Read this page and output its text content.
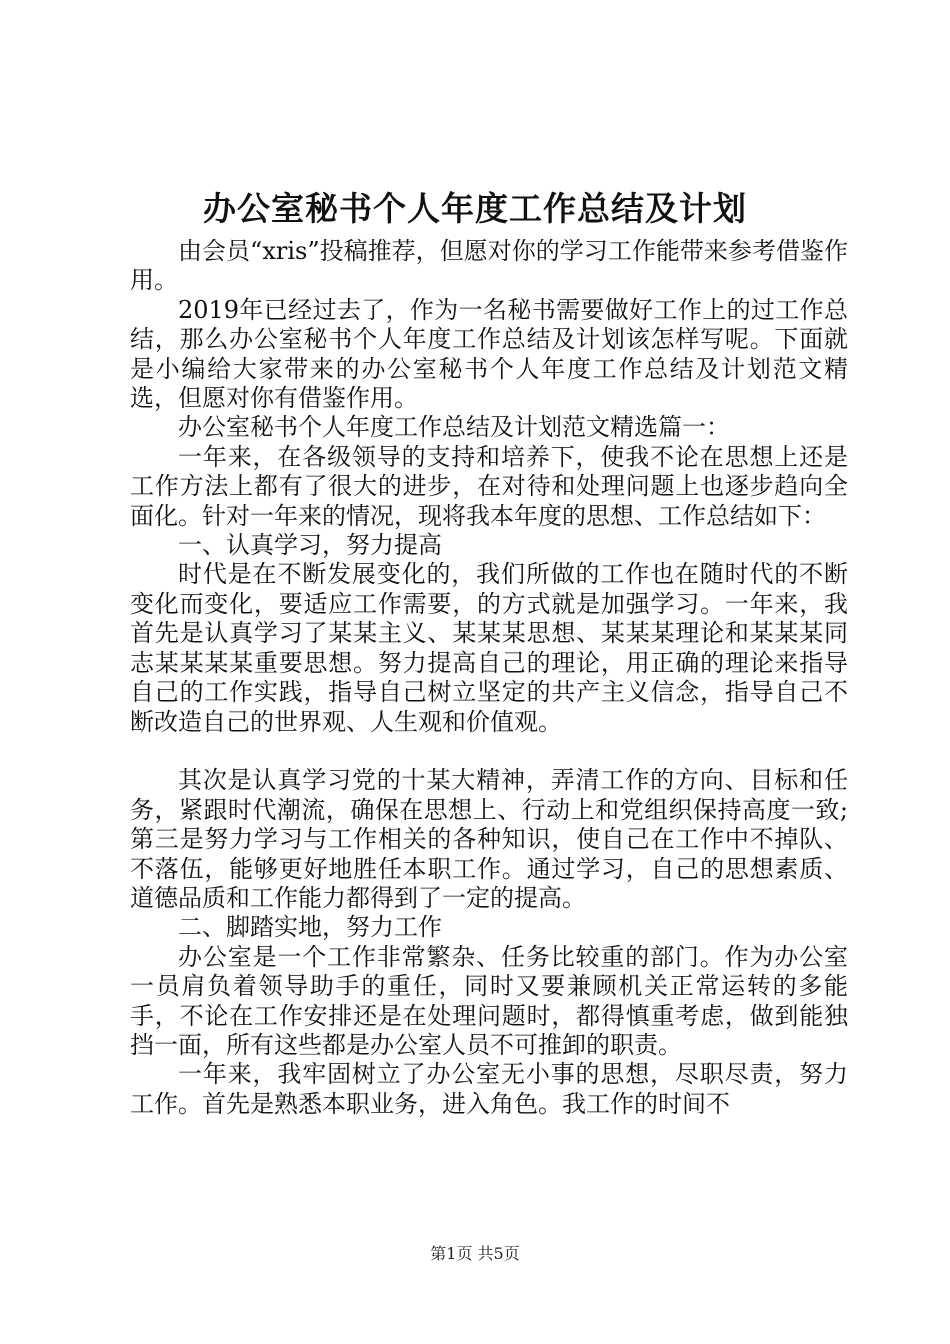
办公室秘书个人年度工作总结及计划

由会员“xris”投稿推荐，但愿对你的学习工作能带来参考借鉴作用。

2019年已经过去了，作为一名秘书需要做好工作上的过工作总结，那么办公室秘书个人年度工作总结及计划该怎样写呢。下面就是小编给大家带来的办公室秘书个人年度工作总结及计划范文精选，但愿对你有借鉴作用。

办公室秘书个人年度工作总结及计划范文精选篇一：

一年来，在各级领导的支持和培养下，使我不论在思想上还是工作方法上都有了很大的进步，在对待和处理问题上也逐步趋向全面化。针对一年来的情况，现将我本年度的思想、工作总结如下：

一、认真学习，努力提高

时代是在不断发展变化的，我们所做的工作也在随时代的不断变化而变化，要适应工作需要，的方式就是加强学习。一年来，我首先是认真学习了某某主义、某某某思想、某某某理论和某某某同志某某某某重要思想。努力提高自己的理论，用正确的理论来指导自己的工作实践，指导自己树立坚定的共产主义信念，指导自己不断改造自己的世界观、人生观和价值观。

其次是认真学习党的十某大精神，弄清工作的方向、目标和任务，紧跟时代潮流，确保在思想上、行动上和党组织保持高度一致;第三是努力学习与工作相关的各种知识，使自己在工作中不掉队、不落伍，能够更好地胜任本职工作。通过学习，自己的思想素质、道德品质和工作能力都得到了一定的提高。

二、脚踏实地，努力工作

办公室是一个工作非常繁杂、任务比较重的部门。作为办公室一员肩负着领导助手的重任，同时又要兼顾机关正常运转的多能手，不论在工作安排还是在处理问题时，都得慎重考虑，做到能独挡一面，所有这些都是办公室人员不可推卸的职责。

一年来，我牢固树立了办公室无小事的思想，尽职尽责，努力工作。首先是熟悉本职业务，进入角色。我工作的时间不

第1页 共5页
